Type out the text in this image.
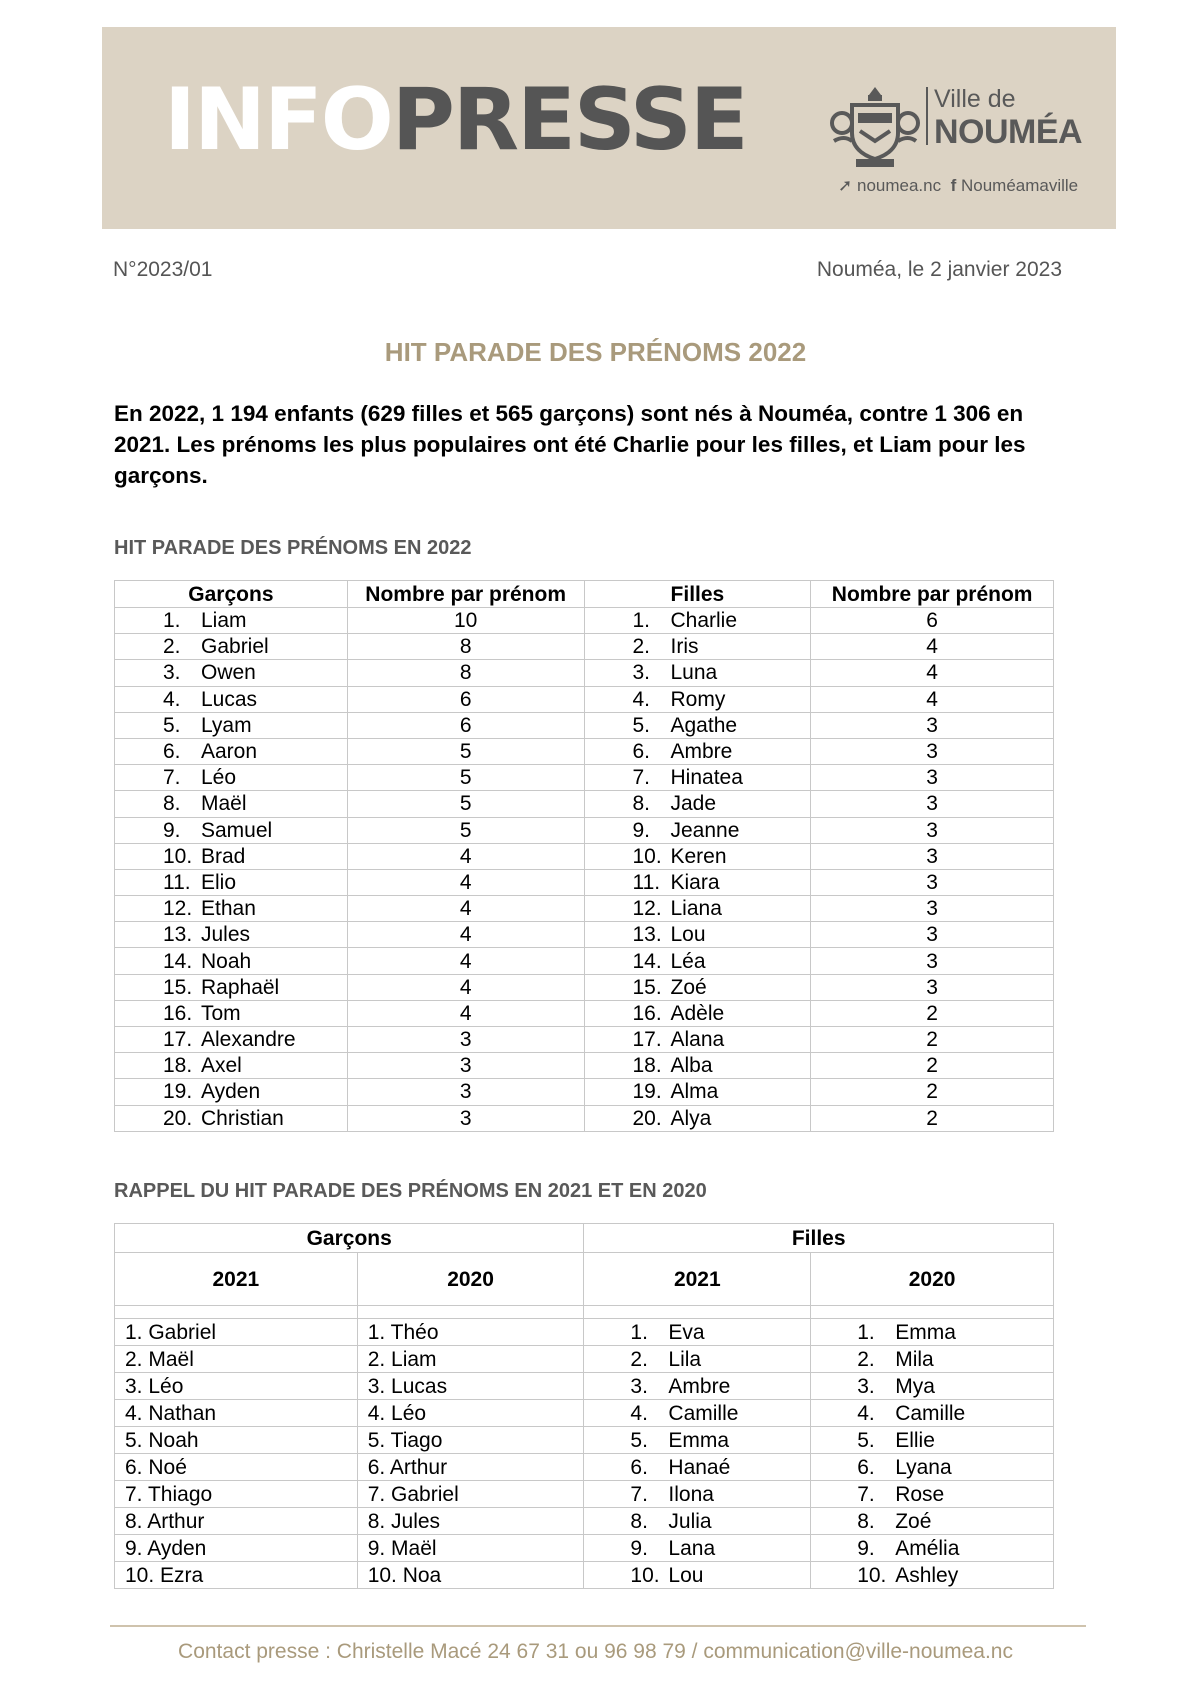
INFOPRESSE	Ville de
NOUMÉA
➚ noumea.nc f Nouméamaville
N°2023/01	Nouméa, le 2 janvier 2023
HIT PARADE DES PRÉNOMS 2022
En 2022, 1 194 enfants (629 filles et 565 garçons) sont nés à Nouméa, contre 1 306 en 2021. Les prénoms les plus populaires ont été Charlie pour les filles, et Liam pour les garçons.
HIT PARADE DES PRÉNOMS EN 2022
Garçons	Nombre par prénom	Filles	Nombre par prénom
1. Liam	10	1. Charlie	6
2. Gabriel	8	2. Iris	4
3. Owen	8	3. Luna	4
4. Lucas	6	4. Romy	4
5. Lyam	6	5. Agathe	3
6. Aaron	5	6. Ambre	3
7. Léo	5	7. Hinatea	3
8. Maël	5	8. Jade	3
9. Samuel	5	9. Jeanne	3
10. Brad	4	10. Keren	3
11. Elio	4	11. Kiara	3
12. Ethan	4	12. Liana	3
13. Jules	4	13. Lou	3
14. Noah	4	14. Léa	3
15. Raphaël	4	15. Zoé	3
16. Tom	4	16. Adèle	2
17. Alexandre	3	17. Alana	2
18. Axel	3	18. Alba	2
19. Ayden	3	19. Alma	2
20. Christian	3	20. Alya	2
RAPPEL DU HIT PARADE DES PRÉNOMS EN 2021 ET EN 2020
Garçons		Filles	
2021	2020	2021	2020

1. Gabriel	1. Théo	1. Eva	1. Emma
2. Maël	2. Liam	2. Lila	2. Mila
3. Léo	3. Lucas	3. Ambre	3. Mya
4. Nathan	4. Léo	4. Camille	4. Camille
5. Noah	5. Tiago	5. Emma	5. Ellie
6. Noé	6. Arthur	6. Hanaé	6. Lyana
7. Thiago	7. Gabriel	7. Ilona	7. Rose
8. Arthur	8. Jules	8. Julia	8. Zoé
9. Ayden	9. Maël	9. Lana	9. Amélia
10. Ezra	10. Noa	10. Lou	10. Ashley
Contact presse : Christelle Macé 24 67 31 ou 96 98 79 / communication@ville-noumea.nc
